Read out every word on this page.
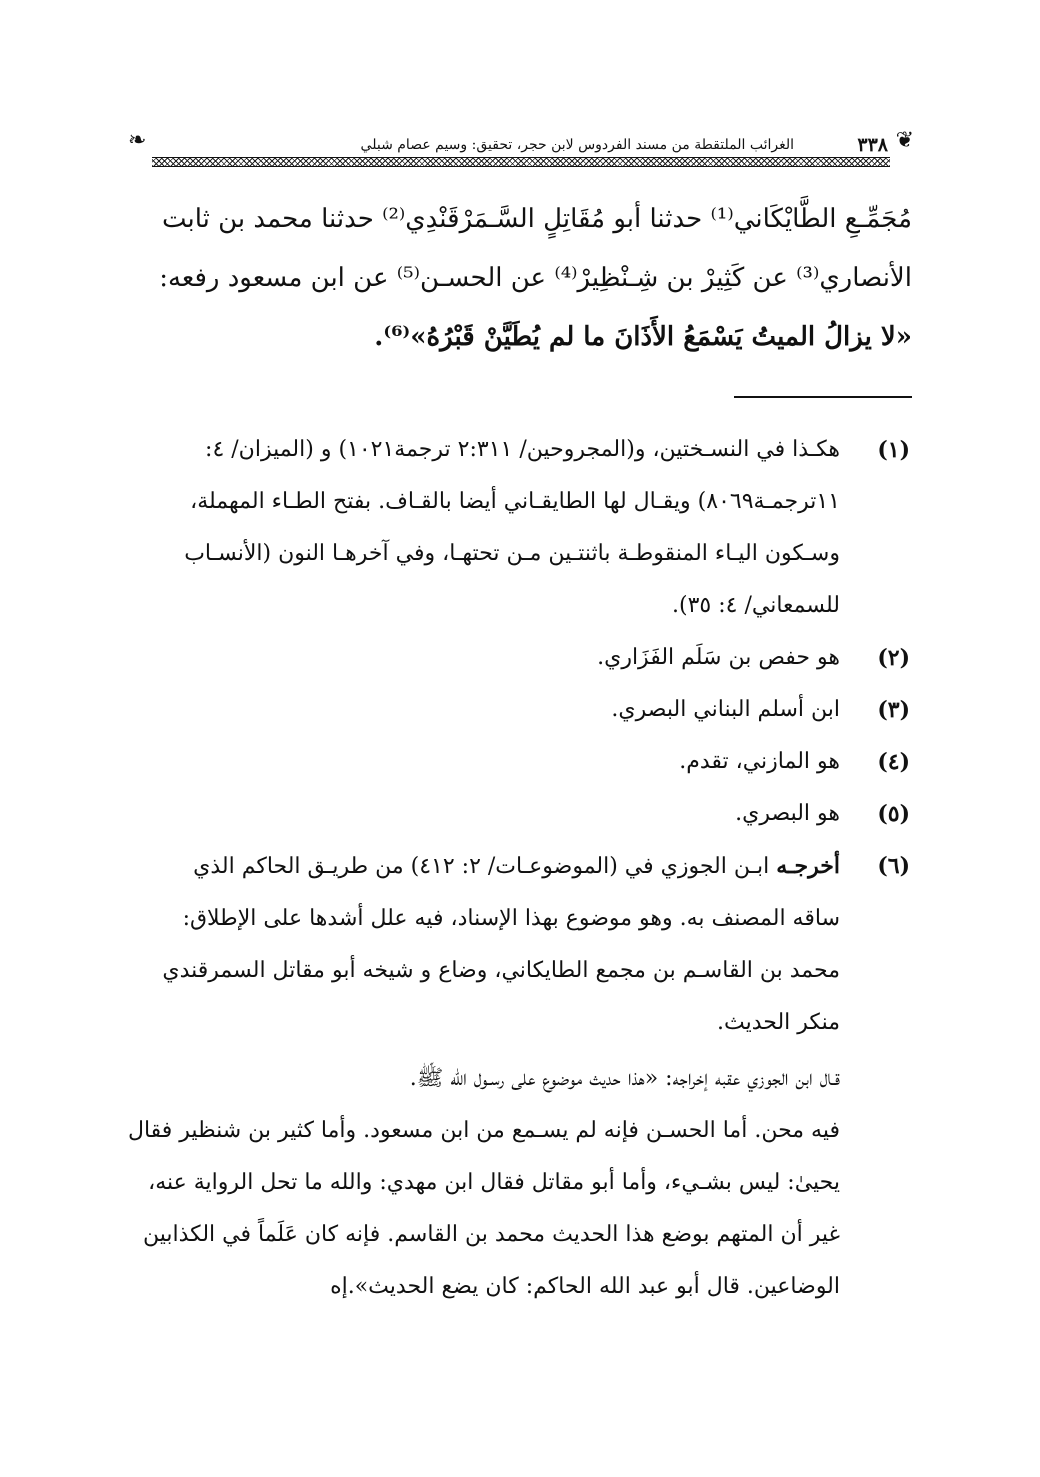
❦
٣٣٨
الغرائب الملتقطة من مسند الفردوس لابن حجر، تحقيق: وسيم عصام شبلي
❧
مُجَمِّـعِ الطَّايْكَاني⁽¹⁾ حدثنا أبو مُقَاتِلٍ السَّـمَرْقَنْدِي⁽²⁾ حدثنا محمد بن ثابت
الأنصاري⁽³⁾ عن كَثِيرْ بن شِـنْظِيرْ⁽⁴⁾ عن الحسـن⁽⁵⁾ عن ابن مسعود رفعه:
«لا يزالُ الميتُ يَسْمَعُ الأَذَانَ ما لم يُطَيَّنْ قَبْرُهُ»⁽⁶⁾.
(١)
هكـذا في النسـختين، و(المجروحين/ ٢:٣١١ ترجمة١٠٢١) و (الميزان/ ٤:
١١ترجمـة٨٠٦٩) ويقـال لها الطايقـاني أيضا بالقـاف. بفتح الطـاء المهملة،
وسـكون اليـاء المنقوطـة باثنتـين مـن تحتهـا، وفي آخرهـا النون (الأنسـاب
للسمعاني/ ٤: ٣٥).
(٢)
هو حفص بن سَلَم الفَزَاري.
(٣)
ابن أسلم البناني البصري.
(٤)
هو المازني، تقدم.
(٥)
هو البصري.
(٦)
أخرجـه ابـن الجوزي في (الموضوعـات/ ٢: ٤١٢) من طريـق الحاكم الذي
ساقه المصنف به. وهو موضوع بهذا الإسناد، فيه علل أشدها على الإطلاق:
محمد بن القاسـم بن مجمع الطايكاني، وضاع و شيخه أبو مقاتل السمرقندي
منكر الحديث.
قـال ابن الجوزي عقبه إخراجه: «هذا حديث موضوع على رسـول الله ﷺ.
فيه محن. أما الحسـن فإنه لم يسـمع من ابن مسعود. وأما كثير بن شنظير فقال
يحيىٰ: ليس بشـيء، وأما أبو مقاتل فقال ابن مهدي: والله ما تحل الرواية عنه،
غير أن المتهم بوضع هذا الحديث محمد بن القاسم. فإنه كان عَلَماً في الكذابين
الوضاعين. قال أبو عبد الله الحاكم: كان يضع الحديث».إه
